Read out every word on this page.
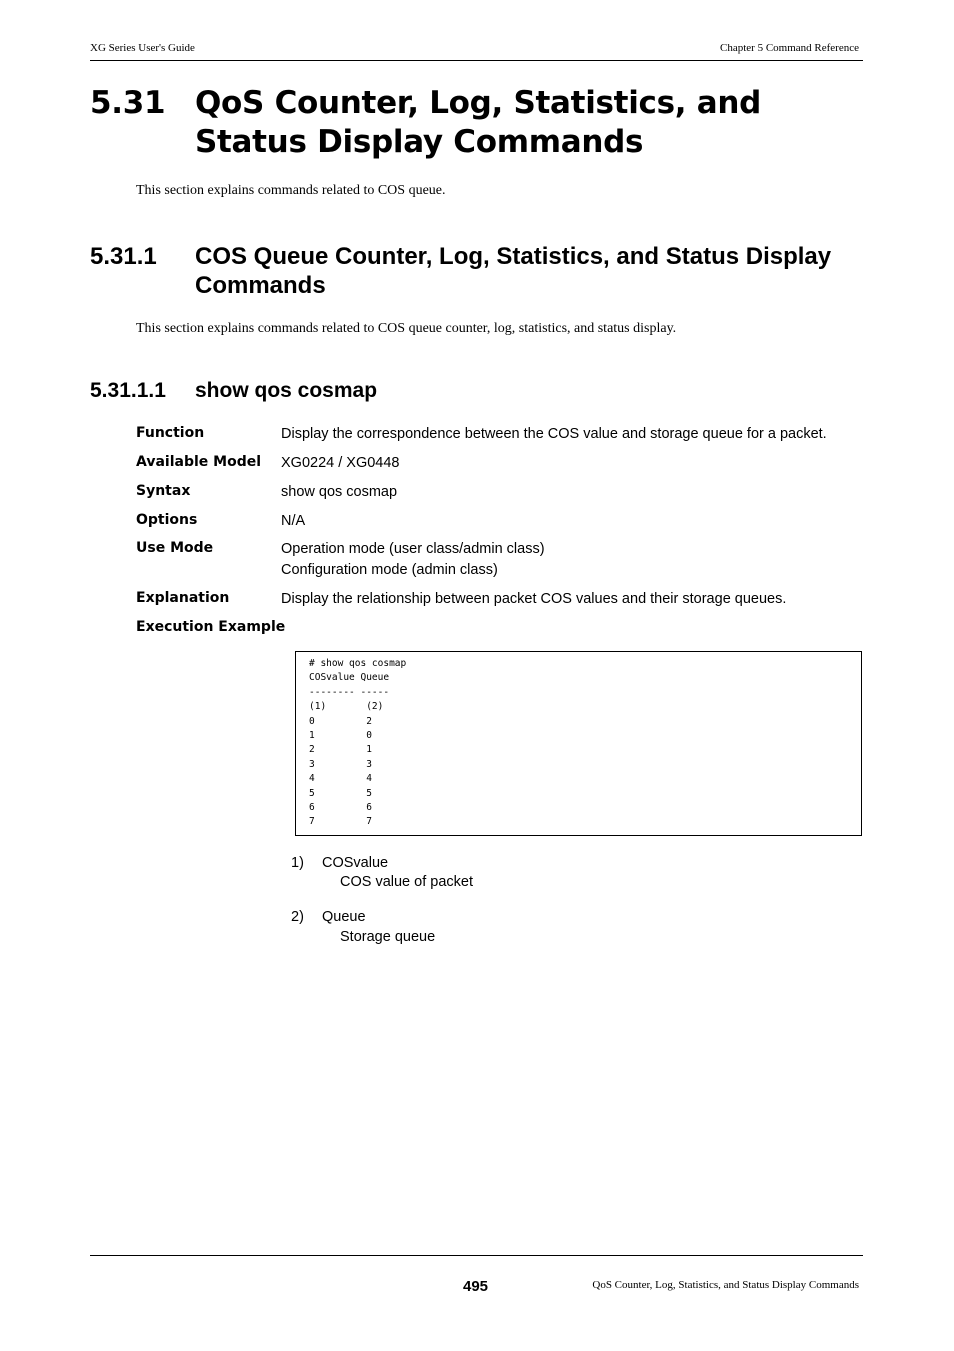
XG Series User's Guide	Chapter 5 Command Reference
5.31 QoS Counter, Log, Statistics, and Status Display Commands
This section explains commands related to COS queue.
5.31.1 COS Queue Counter, Log, Statistics, and Status Display Commands
This section explains commands related to COS queue counter, log, statistics, and status display.
5.31.1.1 show qos cosmap
Function	Display the correspondence between the COS value and storage queue for a packet.
Available Model XG0224 / XG0448
Syntax	show qos cosmap
Options	N/A
Use Mode	Operation mode (user class/admin class)
Configuration mode (admin class)
Explanation	Display the relationship between packet COS values and their storage queues.
Execution Example
# show qos cosmap
COSvalue Queue
-------- -----
(1)       (2)
0         2
1         0
2         1
3         3
4         4
5         5
6         6
7         7
1) COSvalue
COS value of packet
2) Queue
Storage queue
495	QoS Counter, Log, Statistics, and Status Display Commands
